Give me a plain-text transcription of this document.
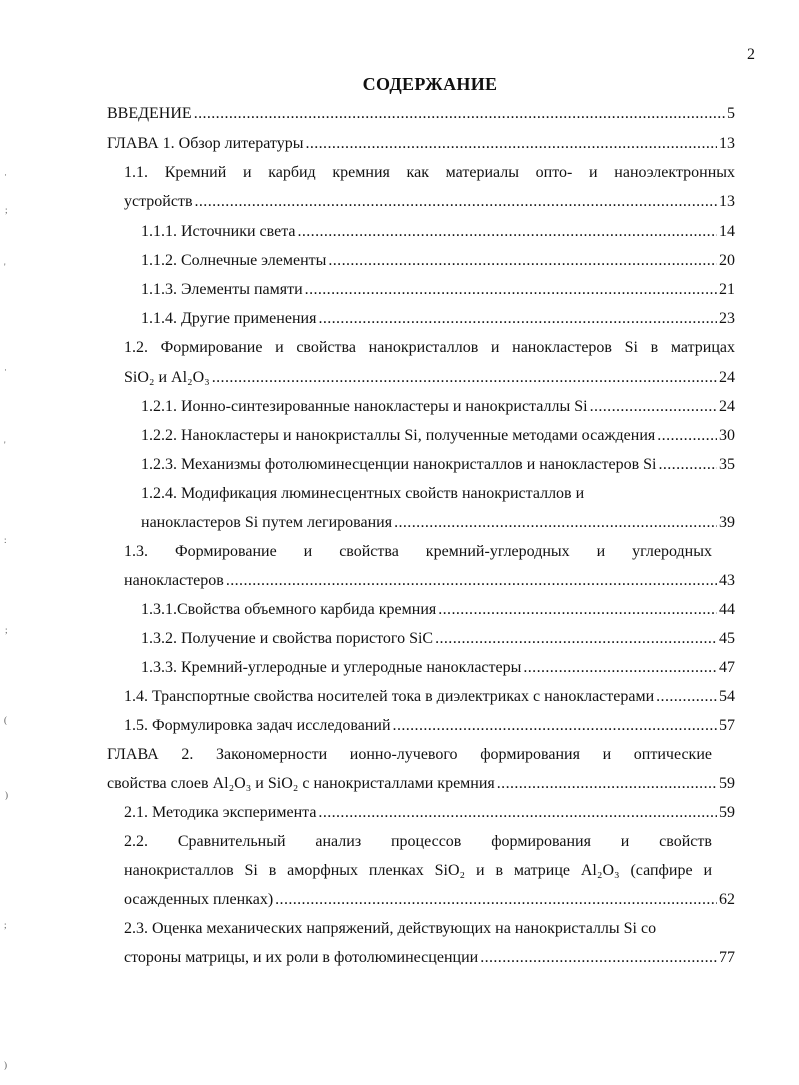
2
СОДЕРЖАНИЕ
ВВЕДЕНИЕ .....	5
ГЛАВА 1. Обзор литературы .....	13
1.1. Кремний и карбид кремния как материалы опто- и наноэлектронных
устройств .....	13
1.1.1. Источники света .....	14
1.1.2. Солнечные элементы .....	20
1.1.3. Элементы памяти .....	21
1.1.4. Другие применения .....	23
1.2. Формирование и свойства нанокристаллов и нанокластеров Si в матрицах
SiO₂ и Al₂O₃ .....	24
1.2.1. Ионно-синтезированные нанокластеры и нанокристаллы Si .....	24
1.2.2. Нанокластеры и нанокристаллы Si, полученные методами осаждения .....	30
1.2.3. Механизмы фотолюминесценции нанокристаллов и нанокластеров Si .....	35
1.2.4. Модификация люминесцентных свойств нанокристаллов и
нанокластеров Si путем легирования .....	39
1.3. Формирование и свойства кремний-углеродных и углеродных
нанокластеров .....	43
1.3.1.Свойства объемного карбида кремния .....	44
1.3.2. Получение и свойства пористого SiC .....	45
1.3.3. Кремний-углеродные и углеродные нанокластеры .....	47
1.4. Транспортные свойства носителей тока в диэлектриках с нанокластерами .....	54
1.5. Формулировка задач исследований .....	57
ГЛАВА 2. Закономерности ионно-лучевого формирования и оптические
свойства слоев Al₂O₃ и SiO₂ с нанокристаллами кремния .....	59
2.1. Методика эксперимента .....	59
2.2. Сравнительный анализ процессов формирования и свойств
нанокристаллов Si в аморфных пленках SiO₂ и в матрице Al₂O₃ (сапфире и
осажденных пленках) .....	62
2.3. Оценка механических напряжений, действующих на нанокристаллы Si со
стороны матрицы, и их роли в фотолюминесценции .....	77
·
;
'
·
'
:
;
(
)
;
)
